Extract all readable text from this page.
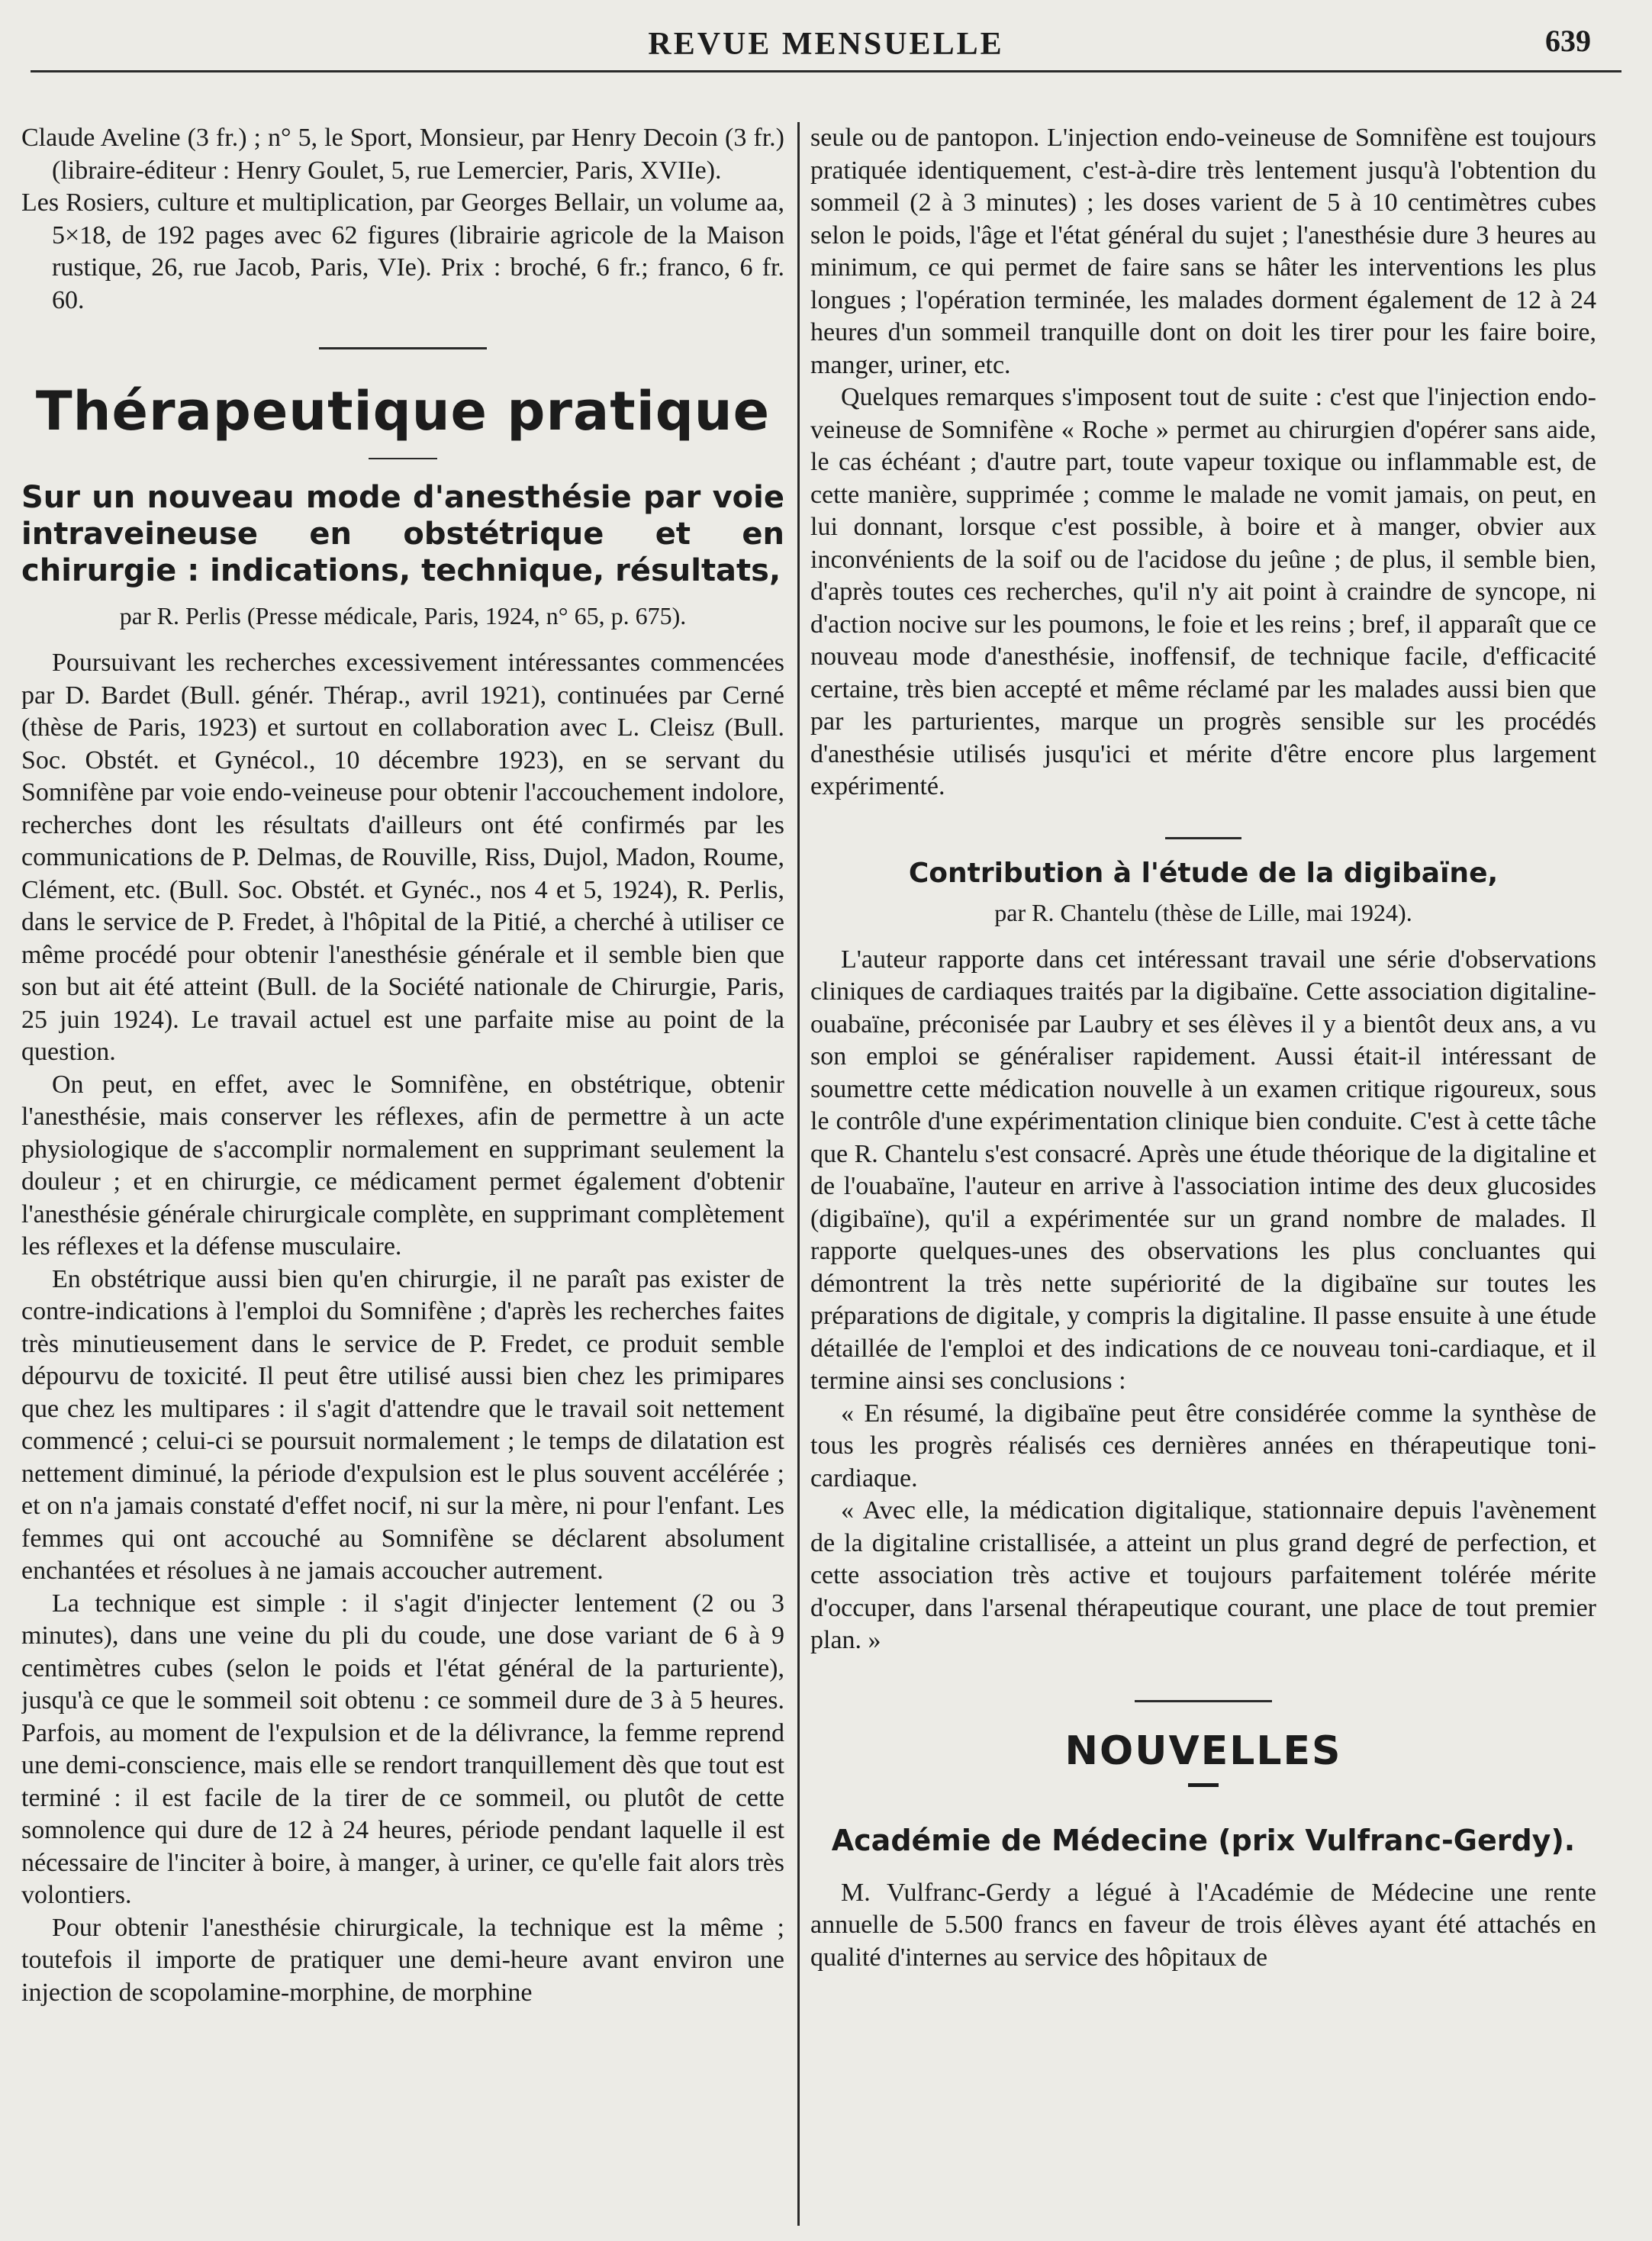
REVUE MENSUELLE	639

Claude Aveline (3 fr.) ; n° 5, le Sport, Monsieur, par Henry Decoin (3 fr.) (libraire-éditeur : Henry Goulet, 5, rue Lemercier, Paris, XVIIe).

Les Rosiers, culture et multiplication, par Georges Bellair, un volume aa, 5×18, de 192 pages avec 62 figures (librairie agricole de la Maison rustique, 26, rue Jacob, Paris, VIe). Prix : broché, 6 fr.; franco, 6 fr. 60.

Thérapeutique pratique
Sur un nouveau mode d'anesthésie par voie intraveineuse en obstétrique et en chirurgie : indications, technique, résultats,
par R. Perlis (Presse médicale, Paris, 1924, n° 65, p. 675).

Poursuivant les recherches excessivement intéressantes commencées par D. Bardet (Bull. génér. Thérap., avril 1921), continuées par Cerné (thèse de Paris, 1923) et surtout en collaboration avec L. Cleisz (Bull. Soc. Obstét. et Gynécol., 10 décembre 1923), en se servant du Somnifène par voie endo-veineuse pour obtenir l'accouchement indolore, recherches dont les résultats d'ailleurs ont été confirmés par les communications de P. Delmas, de Rouville, Riss, Dujol, Madon, Roume, Clément, etc. (Bull. Soc. Obstét. et Gynéc., nos 4 et 5, 1924), R. Perlis, dans le service de P. Fredet, à l'hôpital de la Pitié, a cherché à utiliser ce même procédé pour obtenir l'anesthésie générale et il semble bien que son but ait été atteint (Bull. de la Société nationale de Chirurgie, Paris, 25 juin 1924). Le travail actuel est une parfaite mise au point de la question.

On peut, en effet, avec le Somnifène, en obstétrique, obtenir l'anesthésie, mais conserver les réflexes, afin de permettre à un acte physiologique de s'accomplir normalement en supprimant seulement la douleur ; et en chirurgie, ce médicament permet également d'obtenir l'anesthésie générale chirurgicale complète, en supprimant complètement les réflexes et la défense musculaire.

En obstétrique aussi bien qu'en chirurgie, il ne paraît pas exister de contre-indications à l'emploi du Somnifène ; d'après les recherches faites très minutieusement dans le service de P. Fredet, ce produit semble dépourvu de toxicité. Il peut être utilisé aussi bien chez les primipares que chez les multipares : il s'agit d'attendre que le travail soit nettement commencé ; celui-ci se poursuit normalement ; le temps de dilatation est nettement diminué, la période d'expulsion est le plus souvent accélérée ; et on n'a jamais constaté d'effet nocif, ni sur la mère, ni pour l'enfant. Les femmes qui ont accouché au Somnifène se déclarent absolument enchantées et résolues à ne jamais accoucher autrement.

La technique est simple : il s'agit d'injecter lentement (2 ou 3 minutes), dans une veine du pli du coude, une dose variant de 6 à 9 centimètres cubes (selon le poids et l'état général de la parturiente), jusqu'à ce que le sommeil soit obtenu : ce sommeil dure de 3 à 5 heures. Parfois, au moment de l'expulsion et de la délivrance, la femme reprend une demi-conscience, mais elle se rendort tranquillement dès que tout est terminé : il est facile de la tirer de ce sommeil, ou plutôt de cette somnolence qui dure de 12 à 24 heures, période pendant laquelle il est nécessaire de l'inciter à boire, à manger, à uriner, ce qu'elle fait alors très volontiers.

Pour obtenir l'anesthésie chirurgicale, la technique est la même ; toutefois il importe de pratiquer une demi-heure avant environ une injection de scopolamine-morphine, de morphine

seule ou de pantopon. L'injection endo-veineuse de Somnifène est toujours pratiquée identiquement, c'est-à-dire très lentement jusqu'à l'obtention du sommeil (2 à 3 minutes) ; les doses varient de 5 à 10 centimètres cubes selon le poids, l'âge et l'état général du sujet ; l'anesthésie dure 3 heures au minimum, ce qui permet de faire sans se hâter les interventions les plus longues ; l'opération terminée, les malades dorment également de 12 à 24 heures d'un sommeil tranquille dont on doit les tirer pour les faire boire, manger, uriner, etc.

Quelques remarques s'imposent tout de suite : c'est que l'injection endo-veineuse de Somnifène « Roche » permet au chirurgien d'opérer sans aide, le cas échéant ; d'autre part, toute vapeur toxique ou inflammable est, de cette manière, supprimée ; comme le malade ne vomit jamais, on peut, en lui donnant, lorsque c'est possible, à boire et à manger, obvier aux inconvénients de la soif ou de l'acidose du jeûne ; de plus, il semble bien, d'après toutes ces recherches, qu'il n'y ait point à craindre de syncope, ni d'action nocive sur les poumons, le foie et les reins ; bref, il apparaît que ce nouveau mode d'anesthésie, inoffensif, de technique facile, d'efficacité certaine, très bien accepté et même réclamé par les malades aussi bien que par les parturientes, marque un progrès sensible sur les procédés d'anesthésie utilisés jusqu'ici et mérite d'être encore plus largement expérimenté.

Contribution à l'étude de la digibaïne,
par R. Chantelu (thèse de Lille, mai 1924).

L'auteur rapporte dans cet intéressant travail une série d'observations cliniques de cardiaques traités par la digibaïne. Cette association digitaline-ouabaïne, préconisée par Laubry et ses élèves il y a bientôt deux ans, a vu son emploi se généraliser rapidement. Aussi était-il intéressant de soumettre cette médication nouvelle à un examen critique rigoureux, sous le contrôle d'une expérimentation clinique bien conduite. C'est à cette tâche que R. Chantelu s'est consacré. Après une étude théorique de la digitaline et de l'ouabaïne, l'auteur en arrive à l'association intime des deux glucosides (digibaïne), qu'il a expérimentée sur un grand nombre de malades. Il rapporte quelques-unes des observations les plus concluantes qui démontrent la très nette supériorité de la digibaïne sur toutes les préparations de digitale, y compris la digitaline. Il passe ensuite à une étude détaillée de l'emploi et des indications de ce nouveau toni-cardiaque, et il termine ainsi ses conclusions :

« En résumé, la digibaïne peut être considérée comme la synthèse de tous les progrès réalisés ces dernières années en thérapeutique toni-cardiaque.

« Avec elle, la médication digitalique, stationnaire depuis l'avènement de la digitaline cristallisée, a atteint un plus grand degré de perfection, et cette association très active et toujours parfaitement tolérée mérite d'occuper, dans l'arsenal thérapeutique courant, une place de tout premier plan. »

NOUVELLES
Académie de Médecine (prix Vulfranc-Gerdy).

M. Vulfranc-Gerdy a légué à l'Académie de Médecine une rente annuelle de 5.500 francs en faveur de trois élèves ayant été attachés en qualité d'internes au service des hôpitaux de
